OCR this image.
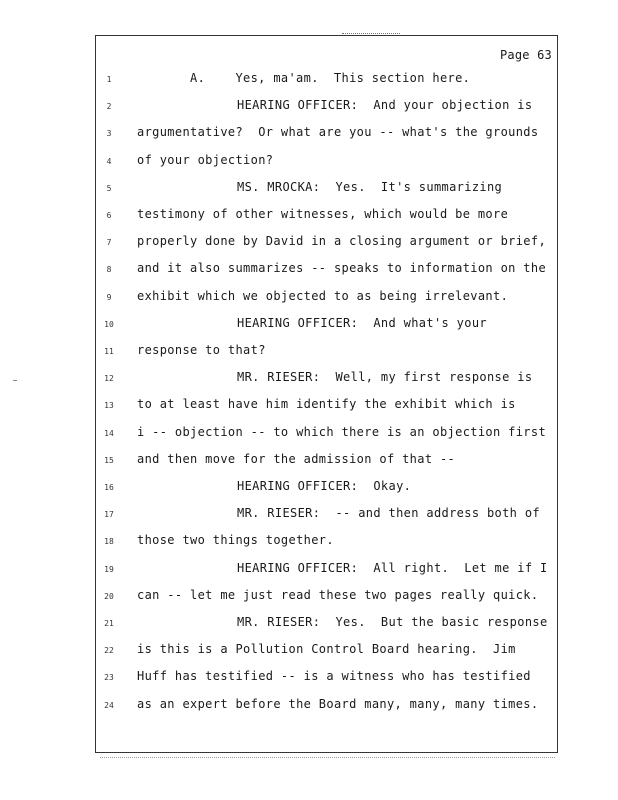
Page 63
1	A.    Yes, ma'am.  This section here.
2	HEARING OFFICER:  And your objection is
3	argumentative?  Or what are you -- what's the grounds
4	of your objection?
5	MS. MROCKA:  Yes.  It's summarizing
6	testimony of other witnesses, which would be more
7	properly done by David in a closing argument or brief,
8	and it also summarizes -- speaks to information on the
9	exhibit which we objected to as being irrelevant.
10	HEARING OFFICER:  And what's your
11	response to that?
12	MR. RIESER:  Well, my first response is
13	to at least have him identify the exhibit which is
14	i -- objection -- to which there is an objection first
15	and then move for the admission of that --
16	HEARING OFFICER:  Okay.
17	MR. RIESER:  -- and then address both of
18	those two things together.
19	HEARING OFFICER:  All right.  Let me if I
20	can -- let me just read these two pages really quick.
21	MR. RIESER:  Yes.  But the basic response
22	is this is a Pollution Control Board hearing.  Jim
23	Huff has testified -- is a witness who has testified
24	as an expert before the Board many, many, many times.
